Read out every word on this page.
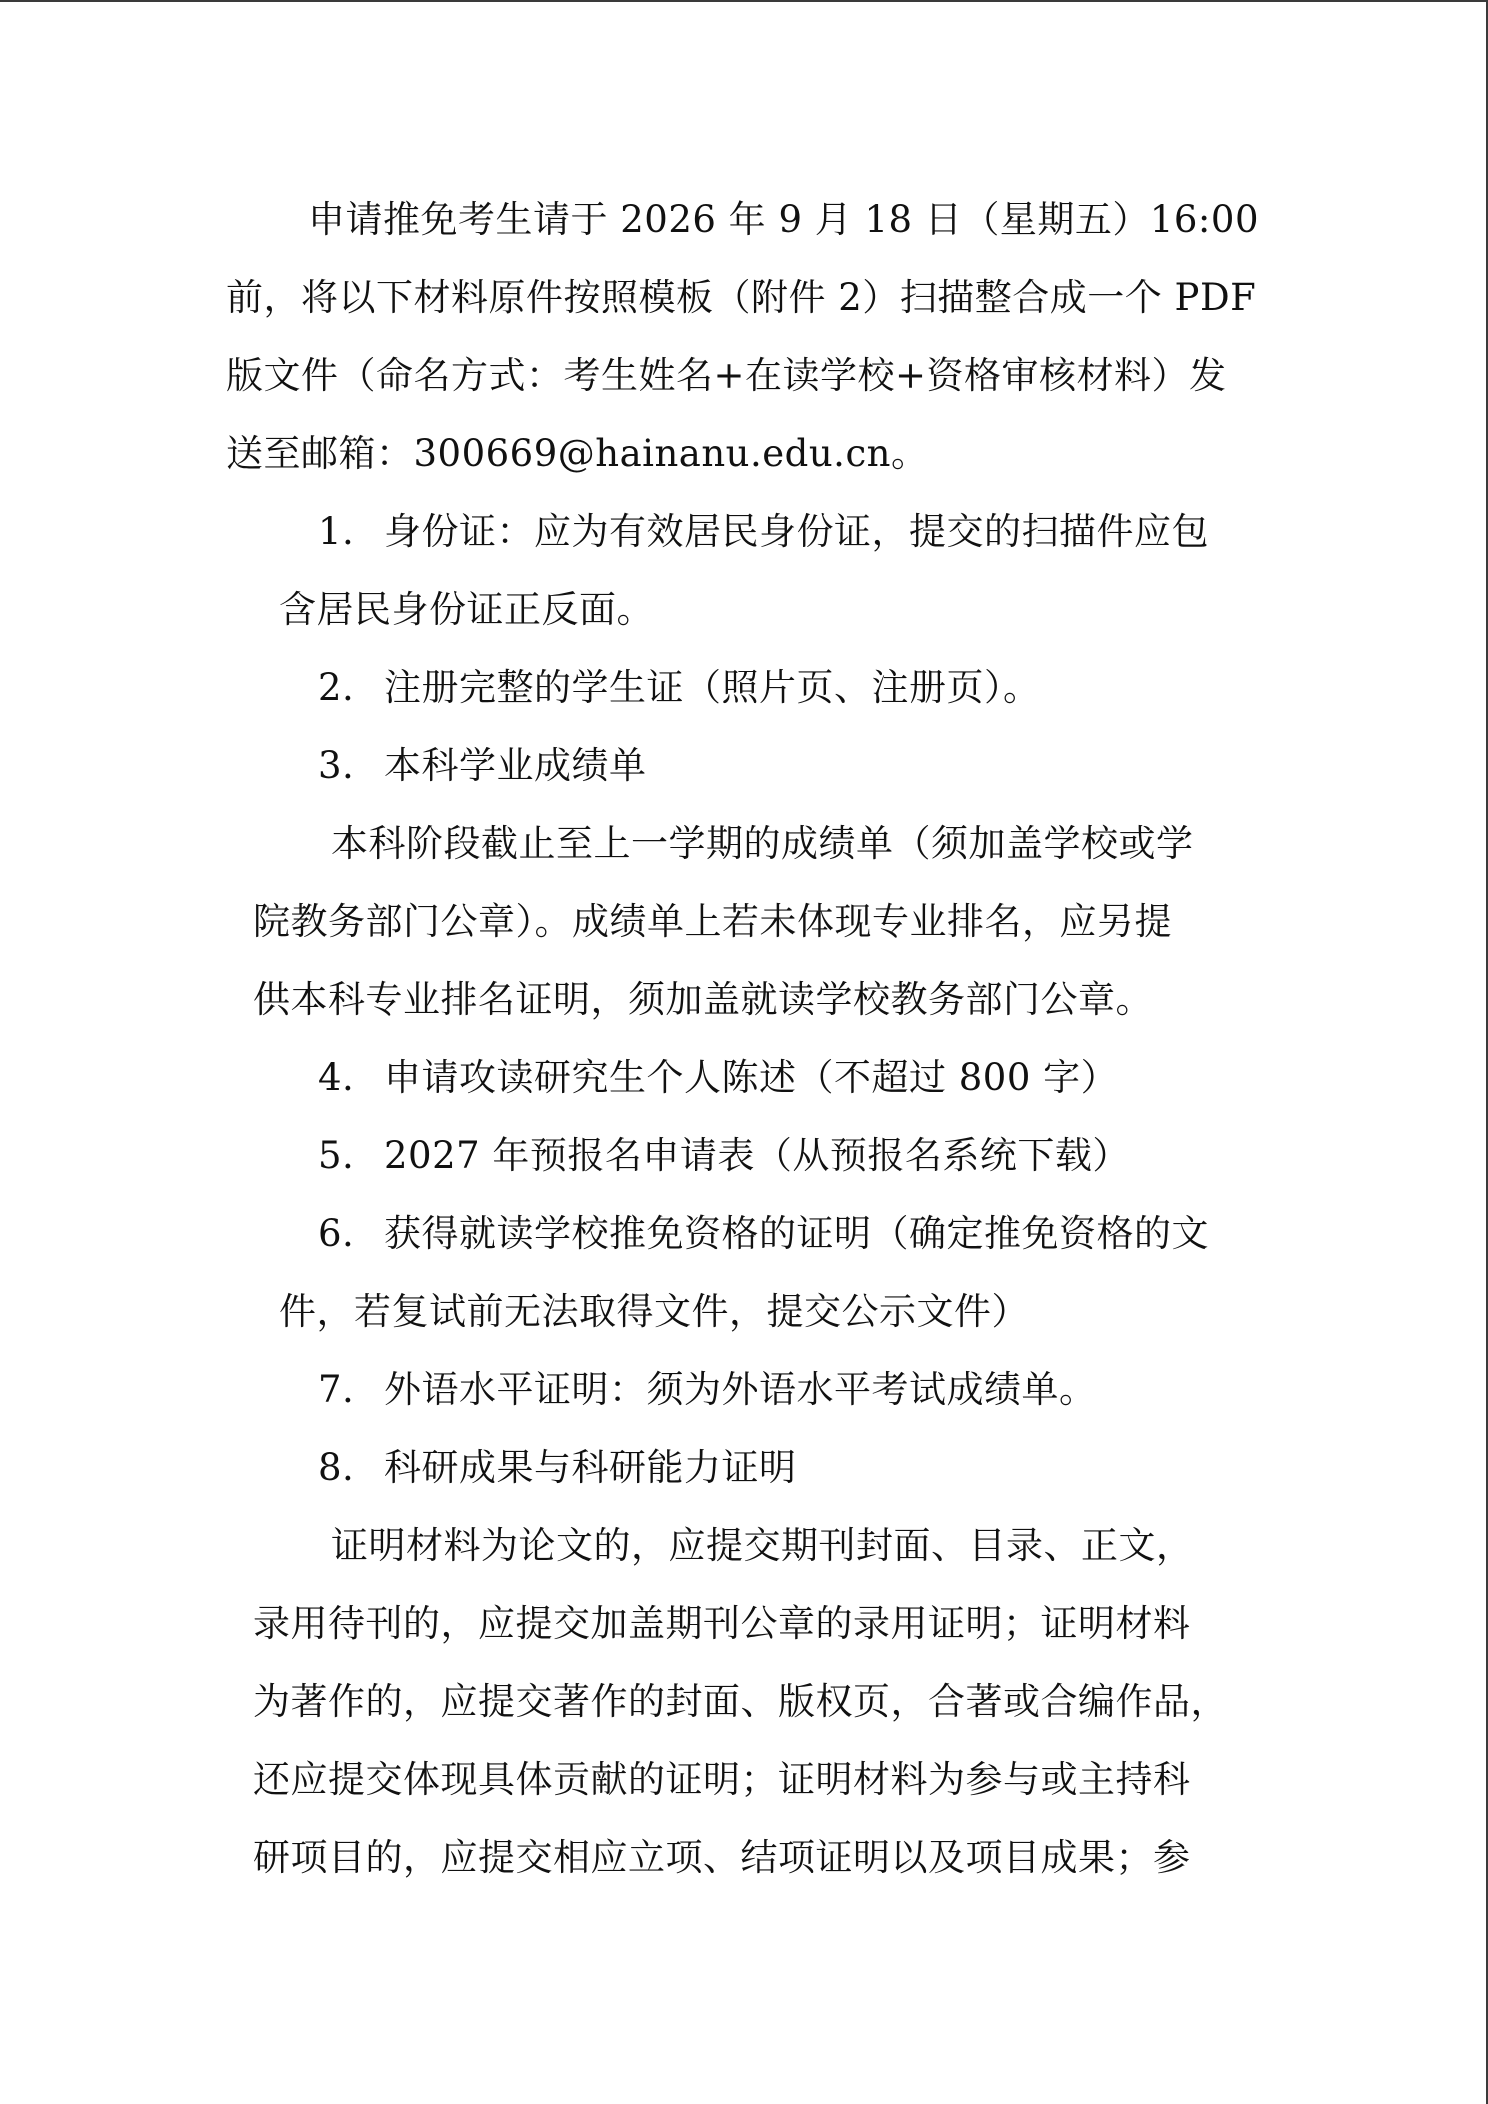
申请推免考生请于 2026 年 9 月 18 日（星期五）16:00
前，将以下材料原件按照模板（附件 2）扫描整合成一个 PDF
版文件（命名方式：考生姓名+在读学校+资格审核材料）发
送至邮箱：300669@hainanu.edu.cn。
1. 身份证：应为有效居民身份证，提交的扫描件应包
含居民身份证正反面。
2. 注册完整的学生证（照片页、注册页）。
3. 本科学业成绩单
本科阶段截止至上一学期的成绩单（须加盖学校或学
院教务部门公章）。成绩单上若未体现专业排名，应另提
供本科专业排名证明，须加盖就读学校教务部门公章。
4. 申请攻读研究生个人陈述（不超过 800 字）
5. 2027 年预报名申请表（从预报名系统下载）
6. 获得就读学校推免资格的证明（确定推免资格的文
件，若复试前无法取得文件，提交公示文件）
7. 外语水平证明：须为外语水平考试成绩单。
8. 科研成果与科研能力证明
证明材料为论文的，应提交期刊封面、目录、正文，
录用待刊的，应提交加盖期刊公章的录用证明；证明材料
为著作的，应提交著作的封面、版权页，合著或合编作品，
还应提交体现具体贡献的证明；证明材料为参与或主持科
研项目的，应提交相应立项、结项证明以及项目成果；参
